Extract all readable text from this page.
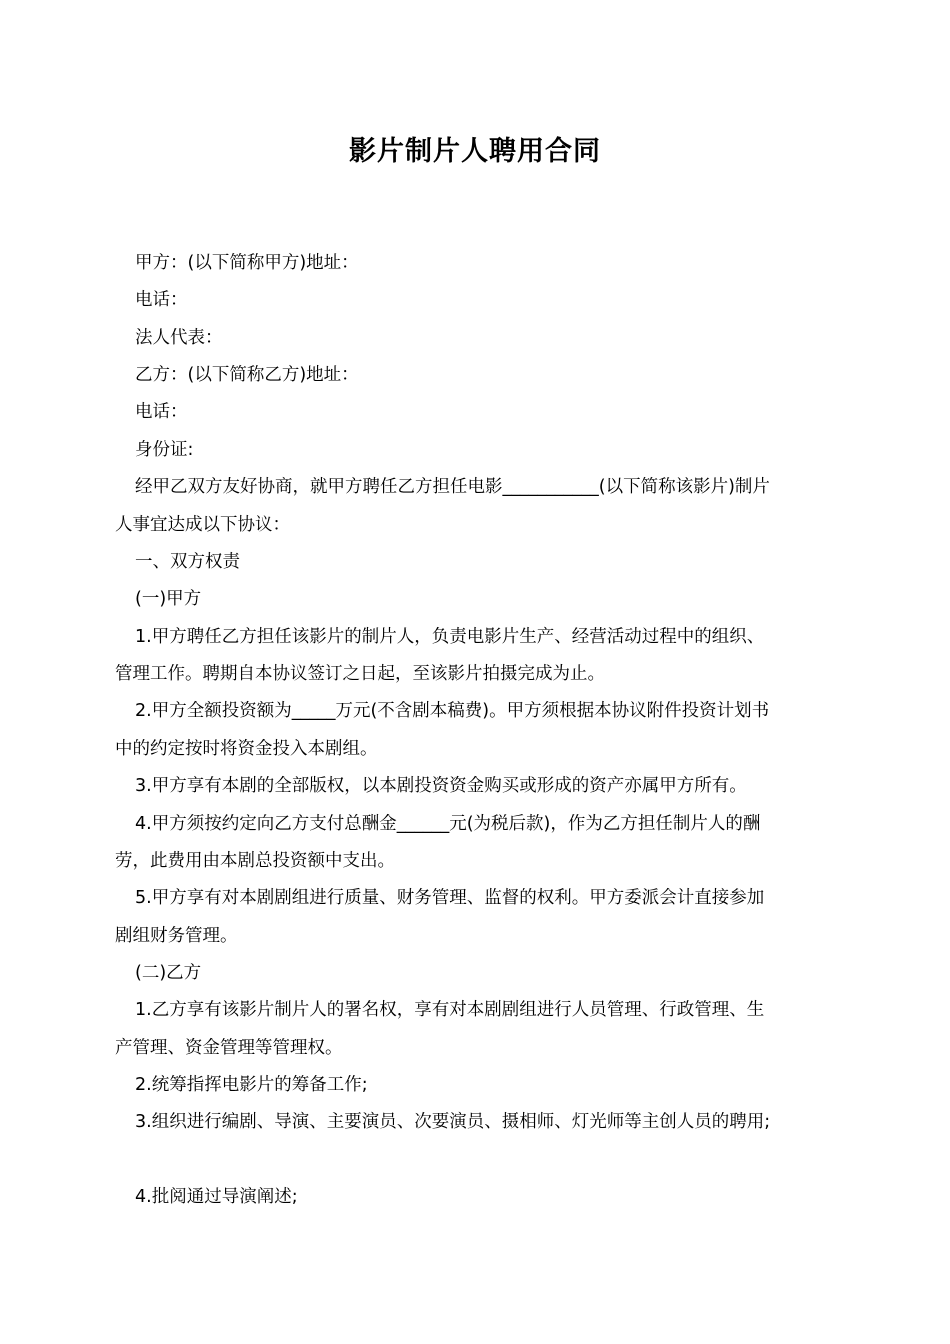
影片制片人聘用合同
甲方：(以下简称甲方)地址：
电话：
法人代表：
乙方：(以下简称乙方)地址：
电话：
身份证:
经甲乙双方友好协商，就甲方聘任乙方担任电影___________(以下简称该影片)制片
人事宜达成以下协议：
一、双方权责
(一)甲方
1.甲方聘任乙方担任该影片的制片人，负责电影片生产、经营活动过程中的组织、
管理工作。聘期自本协议签订之日起，至该影片拍摄完成为止。
2.甲方全额投资额为_____万元(不含剧本稿费)。甲方须根据本协议附件投资计划书
中的约定按时将资金投入本剧组。
3.甲方享有本剧的全部版权，以本剧投资资金购买或形成的资产亦属甲方所有。
4.甲方须按约定向乙方支付总酬金______元(为税后款)，作为乙方担任制片人的酬
劳，此费用由本剧总投资额中支出。
5.甲方享有对本剧剧组进行质量、财务管理、监督的权利。甲方委派会计直接参加
剧组财务管理。
(二)乙方
1.乙方享有该影片制片人的署名权，享有对本剧剧组进行人员管理、行政管理、生
产管理、资金管理等管理权。
2.统筹指挥电影片的筹备工作;
3.组织进行编剧、导演、主要演员、次要演员、摄相师、灯光师等主创人员的聘用;
4.批阅通过导演阐述;
